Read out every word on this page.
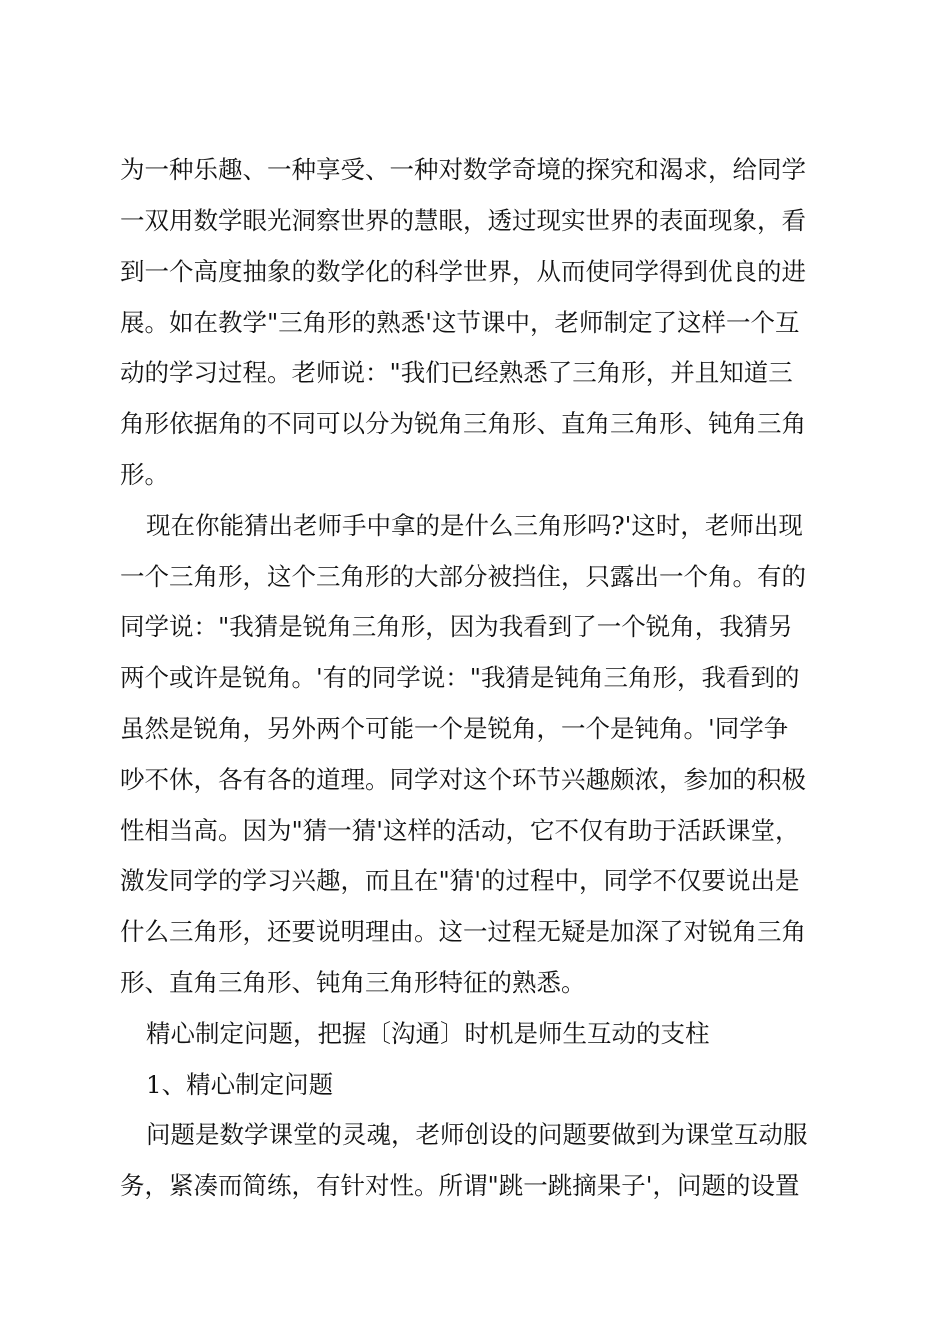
为一种乐趣、一种享受、一种对数学奇境的探究和渴求，给同学
一双用数学眼光洞察世界的慧眼，透过现实世界的表面现象，看
到一个高度抽象的数学化的科学世界，从而使同学得到优良的进
展。如在教学"三角形的熟悉'这节课中，老师制定了这样一个互
动的学习过程。老师说："我们已经熟悉了三角形，并且知道三
角形依据角的不同可以分为锐角三角形、直角三角形、钝角三角
形。
现在你能猜出老师手中拿的是什么三角形吗?'这时，老师出现
一个三角形，这个三角形的大部分被挡住，只露出一个角。有的
同学说："我猜是锐角三角形，因为我看到了一个锐角，我猜另
两个或许是锐角。'有的同学说："我猜是钝角三角形，我看到的
虽然是锐角，另外两个可能一个是锐角，一个是钝角。'同学争
吵不休，各有各的道理。同学对这个环节兴趣颇浓，参加的积极
性相当高。因为"猜一猜'这样的活动，它不仅有助于活跃课堂，
激发同学的学习兴趣，而且在"猜'的过程中，同学不仅要说出是
什么三角形，还要说明理由。这一过程无疑是加深了对锐角三角
形、直角三角形、钝角三角形特征的熟悉。
精心制定问题，把握〔沟通〕时机是师生互动的支柱
1、精心制定问题
问题是数学课堂的灵魂，老师创设的问题要做到为课堂互动服
务，紧凑而简练，有针对性。所谓"跳一跳摘果子'，问题的设置
